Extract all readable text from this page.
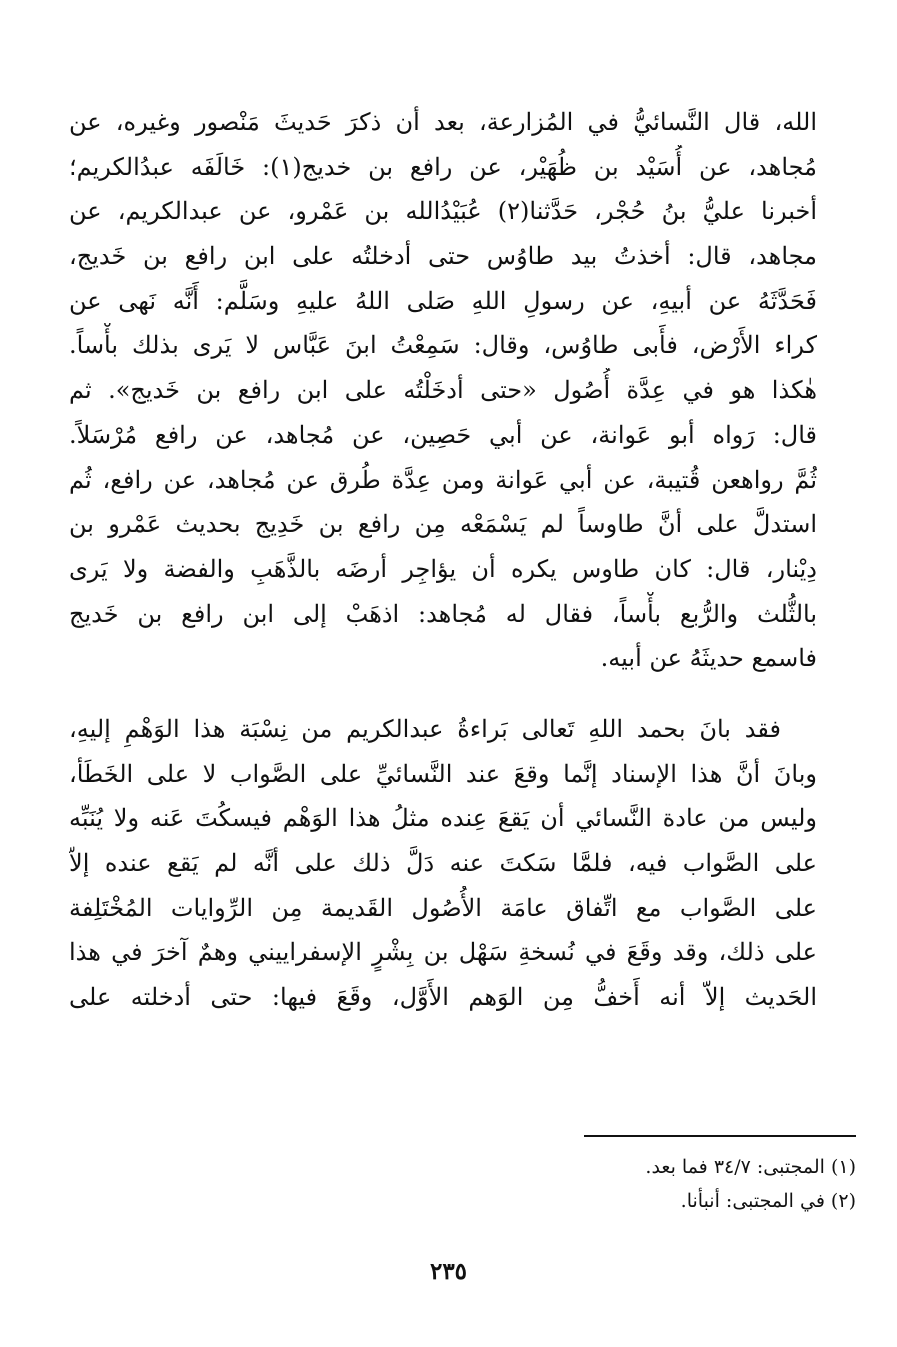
الله، قال النَّسائيُّ في المُزارعة، بعد أن ذكرَ حَديثَ مَنْصور وغيره، عن
مُجاهد، عن أُسَيْد بن ظُهَيْر، عن رافع بن خديج(١): خَالَفَه عبدُالكريم؛
أخبرنا عليُّ بنُ حُجْر، حَدَّثنا(٢) عُبَيْدُالله بن عَمْرو، عن عبدالكريم، عن
مجاهد، قال: أخذتُ بيد طاوُس حتى أدخلتُه على ابن رافع بن خَديج،
فَحَدَّثَهُ عن أبيهِ، عن رسولِ اللهِ صَلى اللهُ عليهِ وسَلَّم: أَنَّه نَهى عن
كراء الأَرْض، فأَبى طاوُس، وقال: سَمِعْتُ ابنَ عَبَّاس لا يَرى بذلك بأْساً.
هٰكذا هو في عِدَّة أُصُول «حتى أدخَلْتُه على ابن رافع بن خَديج». ثم
قال: رَواه أبو عَوانة، عن أبي حَصِين، عن مُجاهد، عن رافع مُرْسَلاً.
ثُمَّ رواهعن قُتيبة، عن أبي عَوانة ومن عِدَّة طُرق عن مُجاهد، عن رافع، ثُم
استدلَّ على أنَّ طاوساً لم يَسْمَعْه مِن رافع بن خَدِيج بحديث عَمْرو بن
دِيْنار، قال: كان طاوس يكره أن يؤاجِر أرضَه بالذَّهَبِ والفضة ولا يَرى
بالثُّلث والرُّبع بأْساً، فقال له مُجاهد: اذهَبْ إلى ابن رافع بن خَديج
فاسمع حديثَهُ عن أبيه.
فقد بانَ بحمد اللهِ تَعالى بَراءةُ عبدالكريم من نِسْبَة هذا الوَهْمِ إليهِ،
وبانَ أنَّ هذا الإسناد إنَّما وقعَ عند النَّسائيِّ على الصَّواب لا على الخَطَأ،
وليس من عادة النَّسائي أن يَقعَ عِنده مثلُ هذا الوَهْم فيسكُتَ عَنه ولا يُنَبِّه
على الصَّواب فيه، فلمَّا سَكتَ عنه دَلَّ ذلك على أنَّه لم يَقع عنده إلاّ
على الصَّواب مع اتِّفاق عامَة الأُصُول القَديمة مِن الرِّوايات المُخْتَلِفة
على ذلك، وقد وقَعَ في نُسخةِ سَهْل بن بِشْرٍ الإسفراييني وهمٌ آخرَ في هذا
الحَديث إلاّ أنه أَخفُّ مِن الوَهم الأَوَّل، وقَعَ فيها: حتى أدخلته على
(١) المجتبى: ٣٤/٧ فما بعد.
(٢) في المجتبى: أنبأنا.
٢٣٥
